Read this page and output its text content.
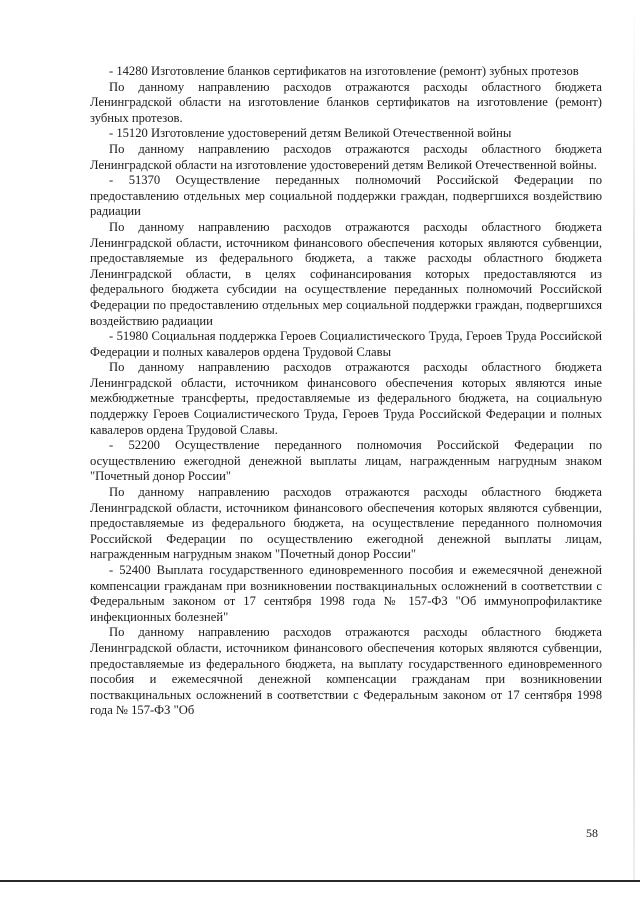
- 14280 Изготовление бланков сертификатов на изготовление (ремонт) зубных протезов

По данному направлению расходов отражаются расходы областного бюджета Ленинградской области на изготовление бланков сертификатов на изготовление (ремонт) зубных протезов.

- 15120 Изготовление удостоверений детям Великой Отечественной войны

По данному направлению расходов отражаются расходы областного бюджета Ленинградской области на изготовление удостоверений детям Великой Отечественной войны.

- 51370 Осуществление переданных полномочий Российской Федерации по предоставлению отдельных мер социальной поддержки граждан, подвергшихся воздействию радиации

По данному направлению расходов отражаются расходы областного бюджета Ленинградской области, источником финансового обеспечения которых являются субвенции, предоставляемые из федерального бюджета, а также расходы областного бюджета Ленинградской области, в целях софинансирования которых предоставляются из федерального бюджета субсидии на осуществление переданных полномочий Российской Федерации по предоставлению отдельных мер социальной поддержки граждан, подвергшихся воздействию радиации

- 51980 Социальная поддержка Героев Социалистического Труда, Героев Труда Российской Федерации и полных кавалеров ордена Трудовой Славы

По данному направлению расходов отражаются расходы областного бюджета Ленинградской области, источником финансового обеспечения которых являются иные межбюджетные трансферты, предоставляемые из федерального бюджета, на социальную поддержку Героев Социалистического Труда, Героев Труда Российской Федерации и полных кавалеров ордена Трудовой Славы.

- 52200 Осуществление переданного полномочия Российской Федерации по осуществлению ежегодной денежной выплаты лицам, награжденным нагрудным знаком "Почетный донор России"

По данному направлению расходов отражаются расходы областного бюджета Ленинградской области, источником финансового обеспечения которых являются субвенции, предоставляемые из федерального бюджета, на осуществление переданного полномочия Российской Федерации по осуществлению ежегодной денежной выплаты лицам, награжденным нагрудным знаком "Почетный донор России"

- 52400 Выплата государственного единовременного пособия и ежемесячной денежной компенсации гражданам при возникновении поствакцинальных осложнений в соответствии с Федеральным законом от 17 сентября 1998 года № 157-ФЗ "Об иммунопрофилактике инфекционных болезней"

По данному направлению расходов отражаются расходы областного бюджета Ленинградской области, источником финансового обеспечения которых являются субвенции, предоставляемые из федерального бюджета, на выплату государственного единовременного пособия и ежемесячной денежной компенсации гражданам при возникновении поствакцинальных осложнений в соответствии с Федеральным законом от 17 сентября 1998 года № 157-ФЗ "Об

58
